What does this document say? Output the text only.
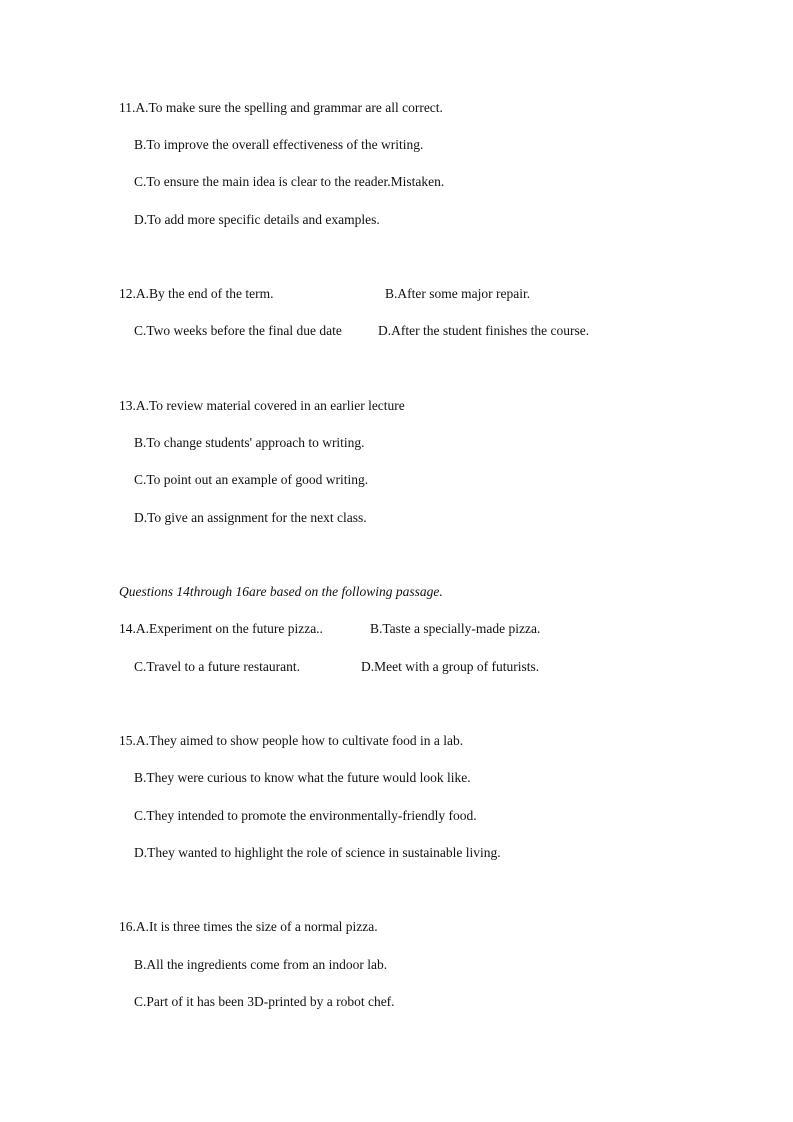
11.A.To make sure the spelling and grammar are all correct.
B.To improve the overall effectiveness of the writing.
C.To ensure the main idea is clear to the reader.Mistaken.
D.To add more specific details and examples.
12.A.By the end of the term.	B.After some major repair.
C.Two weeks before the final due date	D.After the student finishes the course.
13.A.To review material covered in an earlier lecture
B.To change students' approach to writing.
C.To point out an example of good writing.
D.To give an assignment for the next class.
Questions 14through 16are based on the following passage.
14.A.Experiment on the future pizza..	B.Taste a specially-made pizza.
C.Travel to a future restaurant.	D.Meet with a group of futurists.
15.A.They aimed to show people how to cultivate food in a lab.
B.They were curious to know what the future would look like.
C.They intended to promote the environmentally-friendly food.
D.They wanted to highlight the role of science in sustainable living.
16.A.It is three times the size of a normal pizza.
B.All the ingredients come from an indoor lab.
C.Part of it has been 3D-printed by a robot chef.
